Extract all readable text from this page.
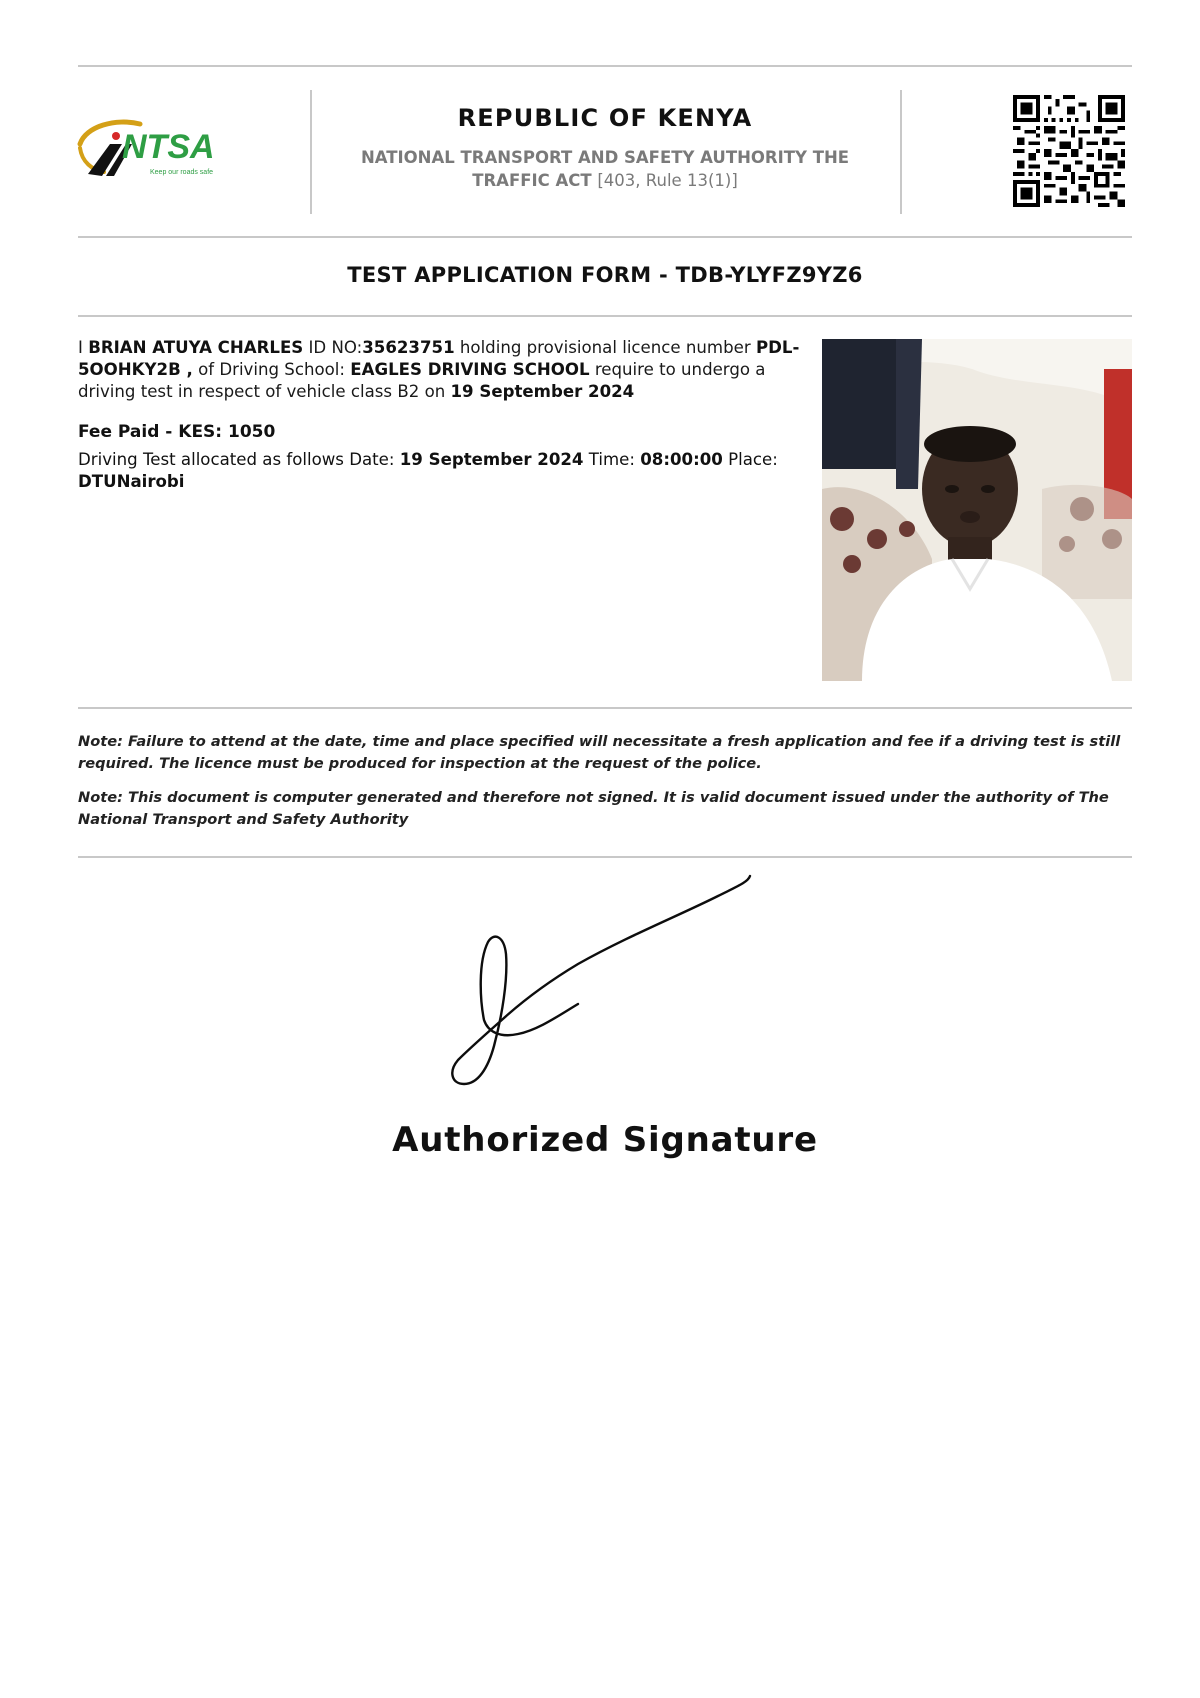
NTSA
Keep our roads safe
REPUBLIC OF KENYA
NATIONAL TRANSPORT AND SAFETY AUTHORITY THE TRAFFIC ACT [403, Rule 13(1)]
TEST APPLICATION FORM - TDB-YLYFZ9YZ6
I BRIAN ATUYA CHARLES ID NO:35623751 holding provisional licence number PDL-5OOHKY2B , of Driving School: EAGLES DRIVING SCHOOL require to undergo a driving test in respect of vehicle class B2 on 19 September 2024
Fee Paid - KES: 1050
Driving Test allocated as follows Date: 19 September 2024 Time: 08:00:00 Place: DTUNairobi

Note: Failure to attend at the date, time and place specified will necessitate a fresh application and fee if a driving test is still required. The licence must be produced for inspection at the request of the police.

Note: This document is computer generated and therefore not signed. It is valid document issued under the authority of The National Transport and Safety Authority

Authorized Signature
